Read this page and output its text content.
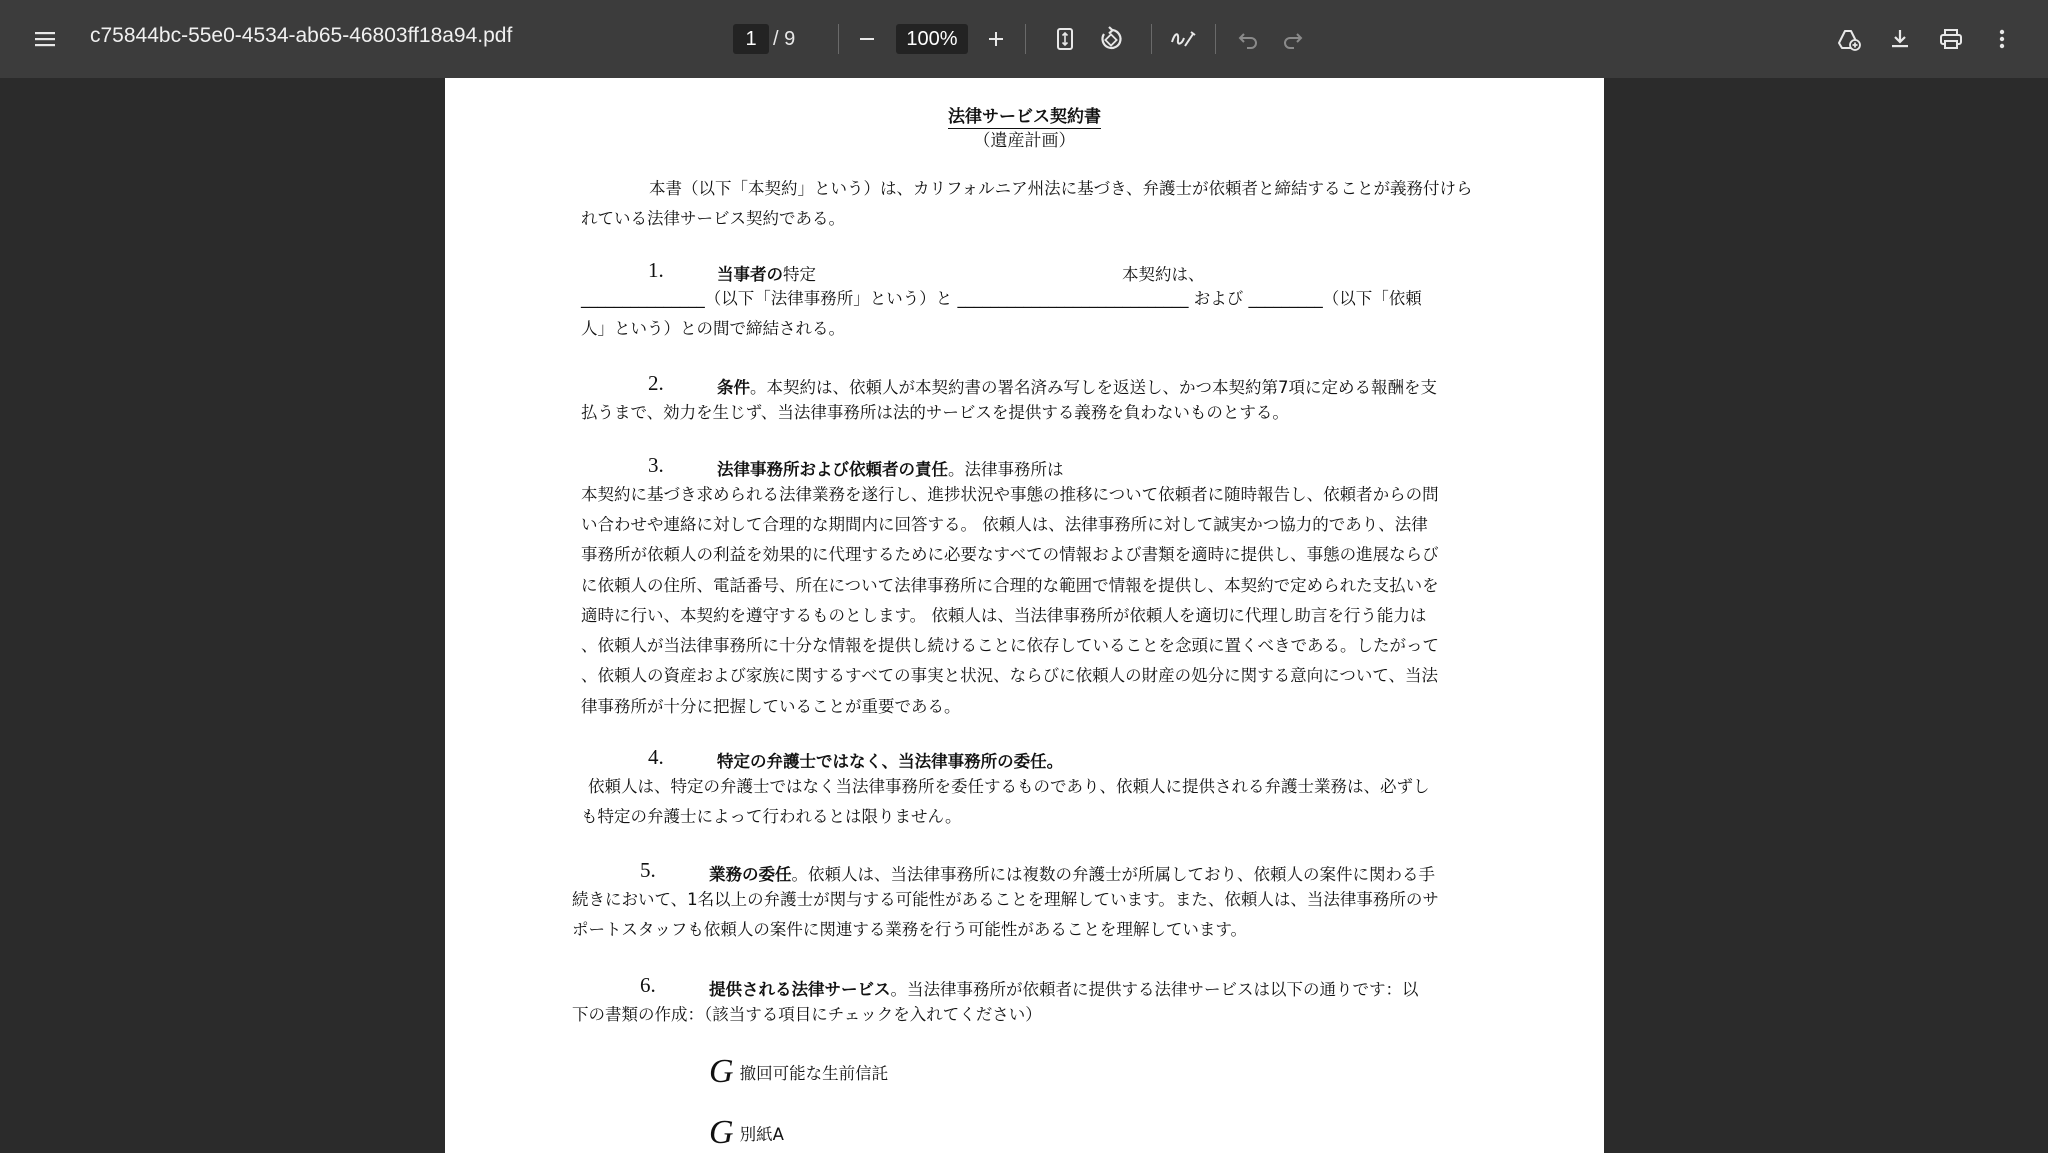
c75844bc-55e0-4534-ab65-46803ff18a94.pdf	1 / 9	100%

法律サービス契約書

（遺産計画）

本書（以下「本契約」という）は、カリフォルニア州法に基づき、弁護士が依頼者と締結することが義務付けら

れている法律サービス契約である。

1.	当事者の特定	本契約は、

_______________（以下「法律事務所」という）と ____________________________ および _________（以下「依頼

人」という）との間で締結される。

2.	条件。本契約は、依頼人が本契約書の署名済み写しを返送し、かつ本契約第7項に定める報酬を支

払うまで、効力を生じず、当法律事務所は法的サービスを提供する義務を負わないものとする。

3.	法律事務所および依頼者の責任。法律事務所は

本契約に基づき求められる法律業務を遂行し、進捗状況や事態の推移について依頼者に随時報告し、依頼者からの問

い合わせや連絡に対して合理的な期間内に回答する。 依頼人は、法律事務所に対して誠実かつ協力的であり、法律

事務所が依頼人の利益を効果的に代理するために必要なすべての情報および書類を適時に提供し、事態の進展ならび

に依頼人の住所、電話番号、所在について法律事務所に合理的な範囲で情報を提供し、本契約で定められた支払いを

適時に行い、本契約を遵守するものとします。 依頼人は、当法律事務所が依頼人を適切に代理し助言を行う能力は

、依頼人が当法律事務所に十分な情報を提供し続けることに依存していることを念頭に置くべきである。したがって

、依頼人の資産および家族に関するすべての事実と状況、ならびに依頼人の財産の処分に関する意向について、当法

律事務所が十分に把握していることが重要である。

4.	特定の弁護士ではなく、当法律事務所の委任。

依頼人は、特定の弁護士ではなく当法律事務所を委任するものであり、依頼人に提供される弁護士業務は、必ずし

も特定の弁護士によって行われるとは限りません。

5.	業務の委任。依頼人は、当法律事務所には複数の弁護士が所属しており、依頼人の案件に関わる手

続きにおいて、1名以上の弁護士が関与する可能性があることを理解しています。また、依頼人は、当法律事務所のサ

ポートスタッフも依頼人の案件に関連する業務を行う可能性があることを理解しています。

6.	提供される法律サービス。当法律事務所が依頼者に提供する法律サービスは以下の通りです：以

下の書類の作成：（該当する項目にチェックを入れてください）

G 撤回可能な生前信託
G 別紙A
